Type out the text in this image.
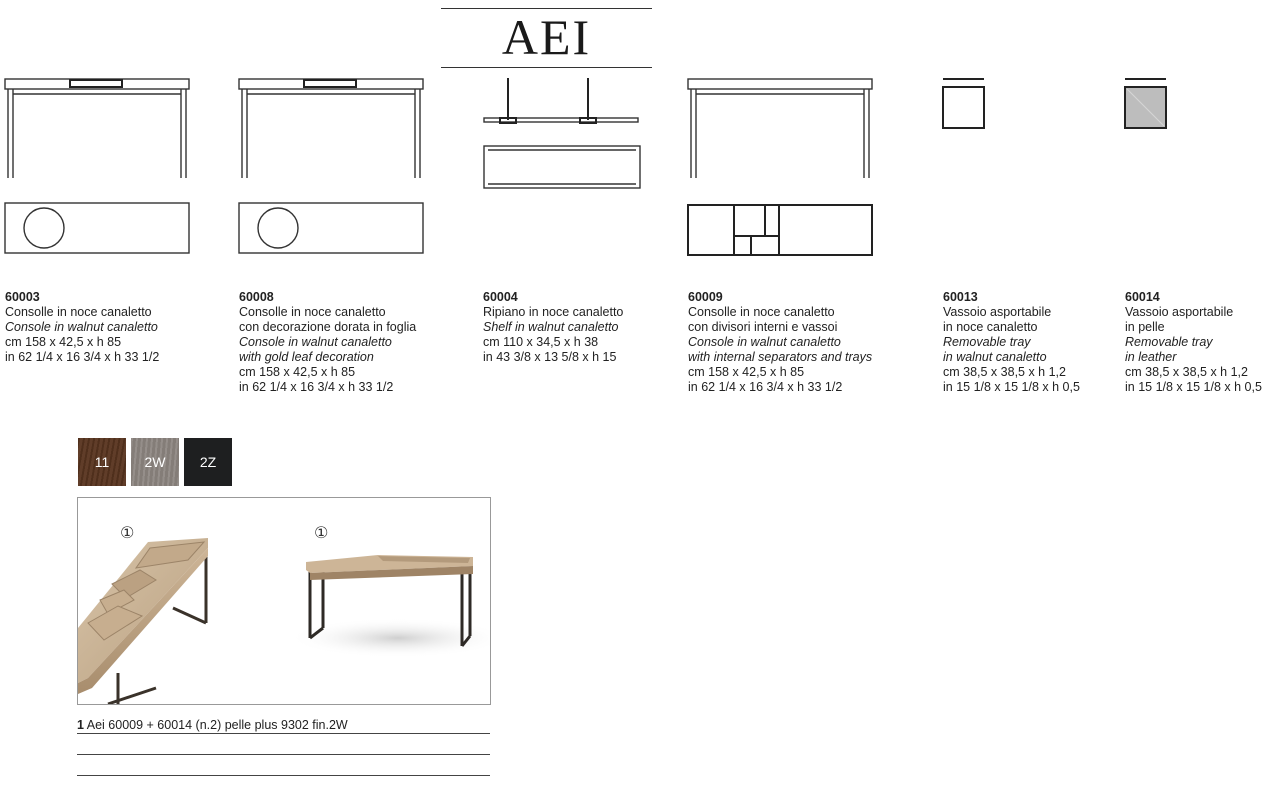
AEI
60003
Consolle in noce canaletto
Console in walnut canaletto
cm 158 x 42,5 x h 85
in 62 1/4 x 16 3/4 x h 33 1/2
60008
Consolle in noce canaletto
con decorazione dorata in foglia
Console in walnut canaletto
with gold leaf decoration
cm 158 x 42,5 x h 85
in 62 1/4 x 16 3/4 x h 33 1/2
60004
Ripiano in noce canaletto
Shelf in walnut canaletto
cm 110 x 34,5 x h 38
in 43 3/8 x 13 5/8 x h 15
60009
Consolle in noce canaletto
con divisori interni e vassoi
Console in walnut canaletto
with internal separators and trays
cm 158 x 42,5 x h 85
in 62 1/4 x 16 3/4 x h 33 1/2
60013
Vassoio asportabile
in noce canaletto
Removable tray
in walnut canaletto
cm 38,5 x 38,5 x h 1,2
in 15 1/8 x 15 1/8 x h 0,5
60014
Vassoio asportabile
in pelle
Removable tray
in leather
cm 38,5 x 38,5 x h 1,2
in 15 1/8 x 15 1/8 x h 0,5
11	2W 2Z
①	①
1 Aei 60009 + 60014 (n.2) pelle plus 9302 fin.2W
